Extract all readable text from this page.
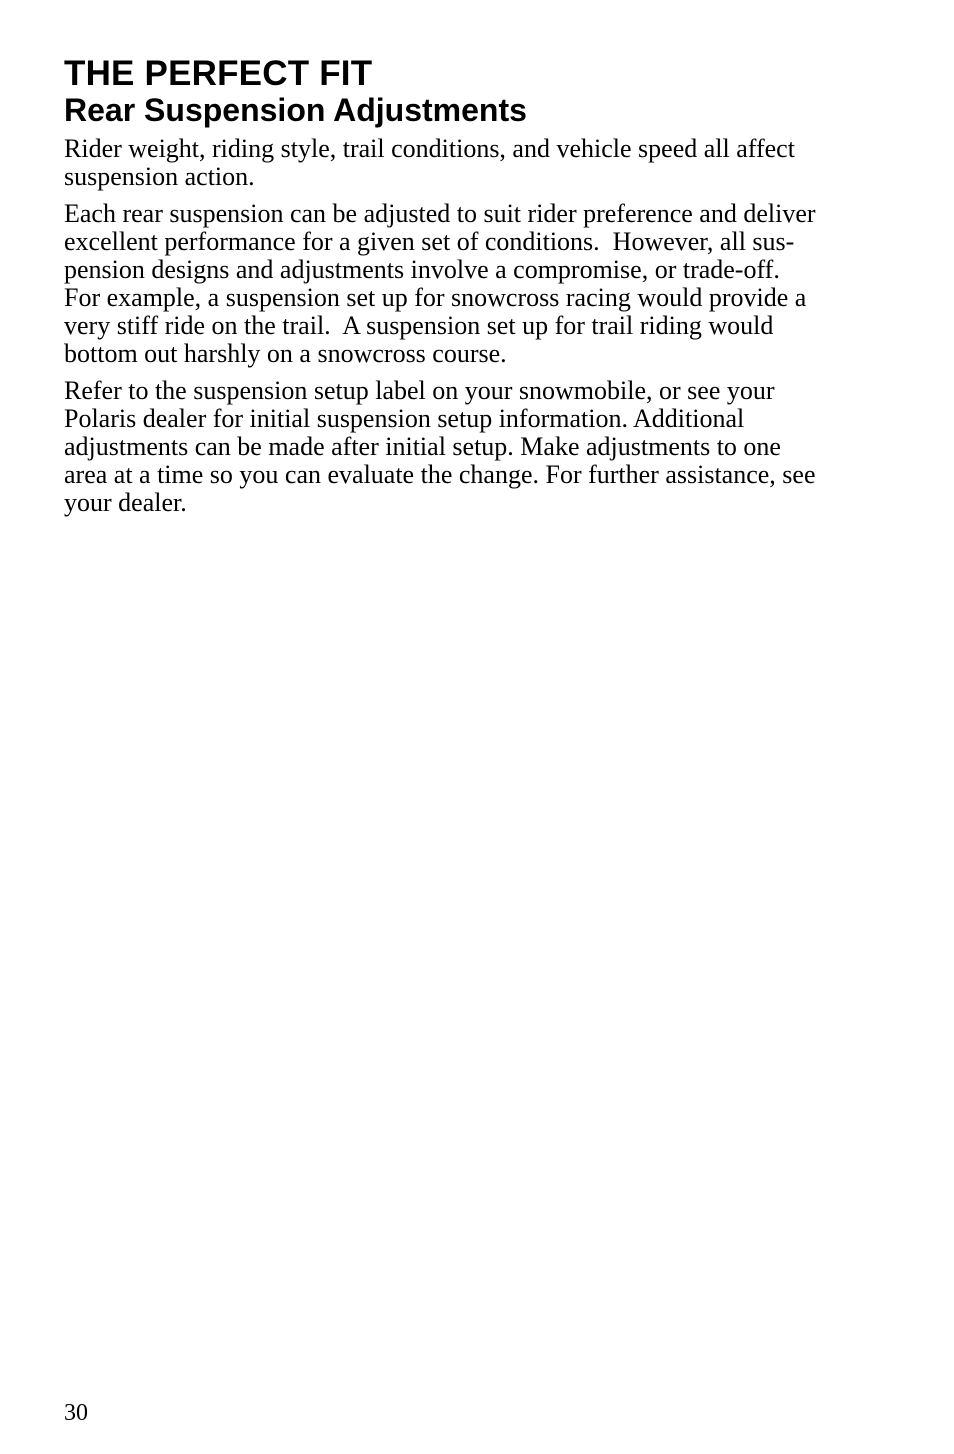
THE PERFECT FIT
Rear Suspension Adjustments

Rider weight, riding style, trail conditions, and vehicle speed all affect
suspension action.

Each rear suspension can be adjusted to suit rider preference and deliver
excellent performance for a given set of conditions.  However, all sus-
pension designs and adjustments involve a compromise, or trade-off.
For example, a suspension set up for snowcross racing would provide a
very stiff ride on the trail.  A suspension set up for trail riding would
bottom out harshly on a snowcross course.

Refer to the suspension setup label on your snowmobile, or see your
Polaris dealer for initial suspension setup information. Additional
adjustments can be made after initial setup. Make adjustments to one
area at a time so you can evaluate the change. For further assistance, see
your dealer.

30
